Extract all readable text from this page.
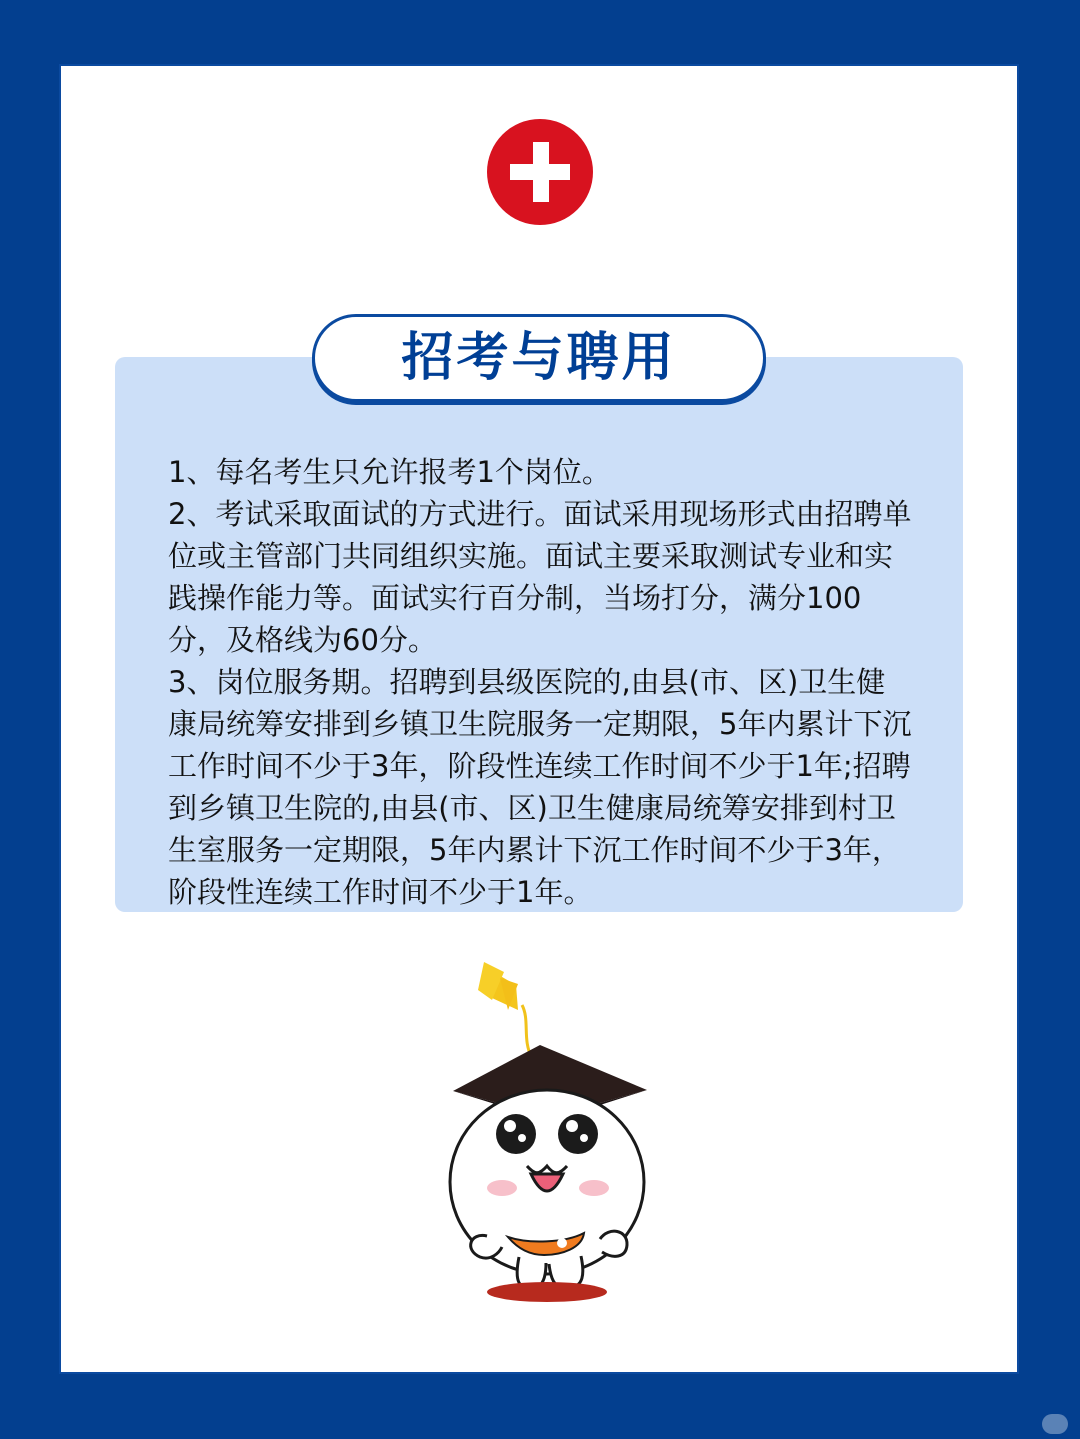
招考与聘用

1、每名考生只允许报考1个岗位。

2、考试采取面试的方式进行。面试采用现场形式由招聘单位或主管部门共同组织实施。面试主要采取测试专业和实践操作能力等。面试实行百分制，当场打分，满分100分，及格线为60分。

3、岗位服务期。招聘到县级医院的,由县(市、区)卫生健康局统筹安排到乡镇卫生院服务一定期限，5年内累计下沉工作时间不少于3年，阶段性连续工作时间不少于1年;招聘到乡镇卫生院的,由县(市、区)卫生健康局统筹安排到村卫生室服务一定期限，5年内累计下沉工作时间不少于3年，阶段性连续工作时间不少于1年。
